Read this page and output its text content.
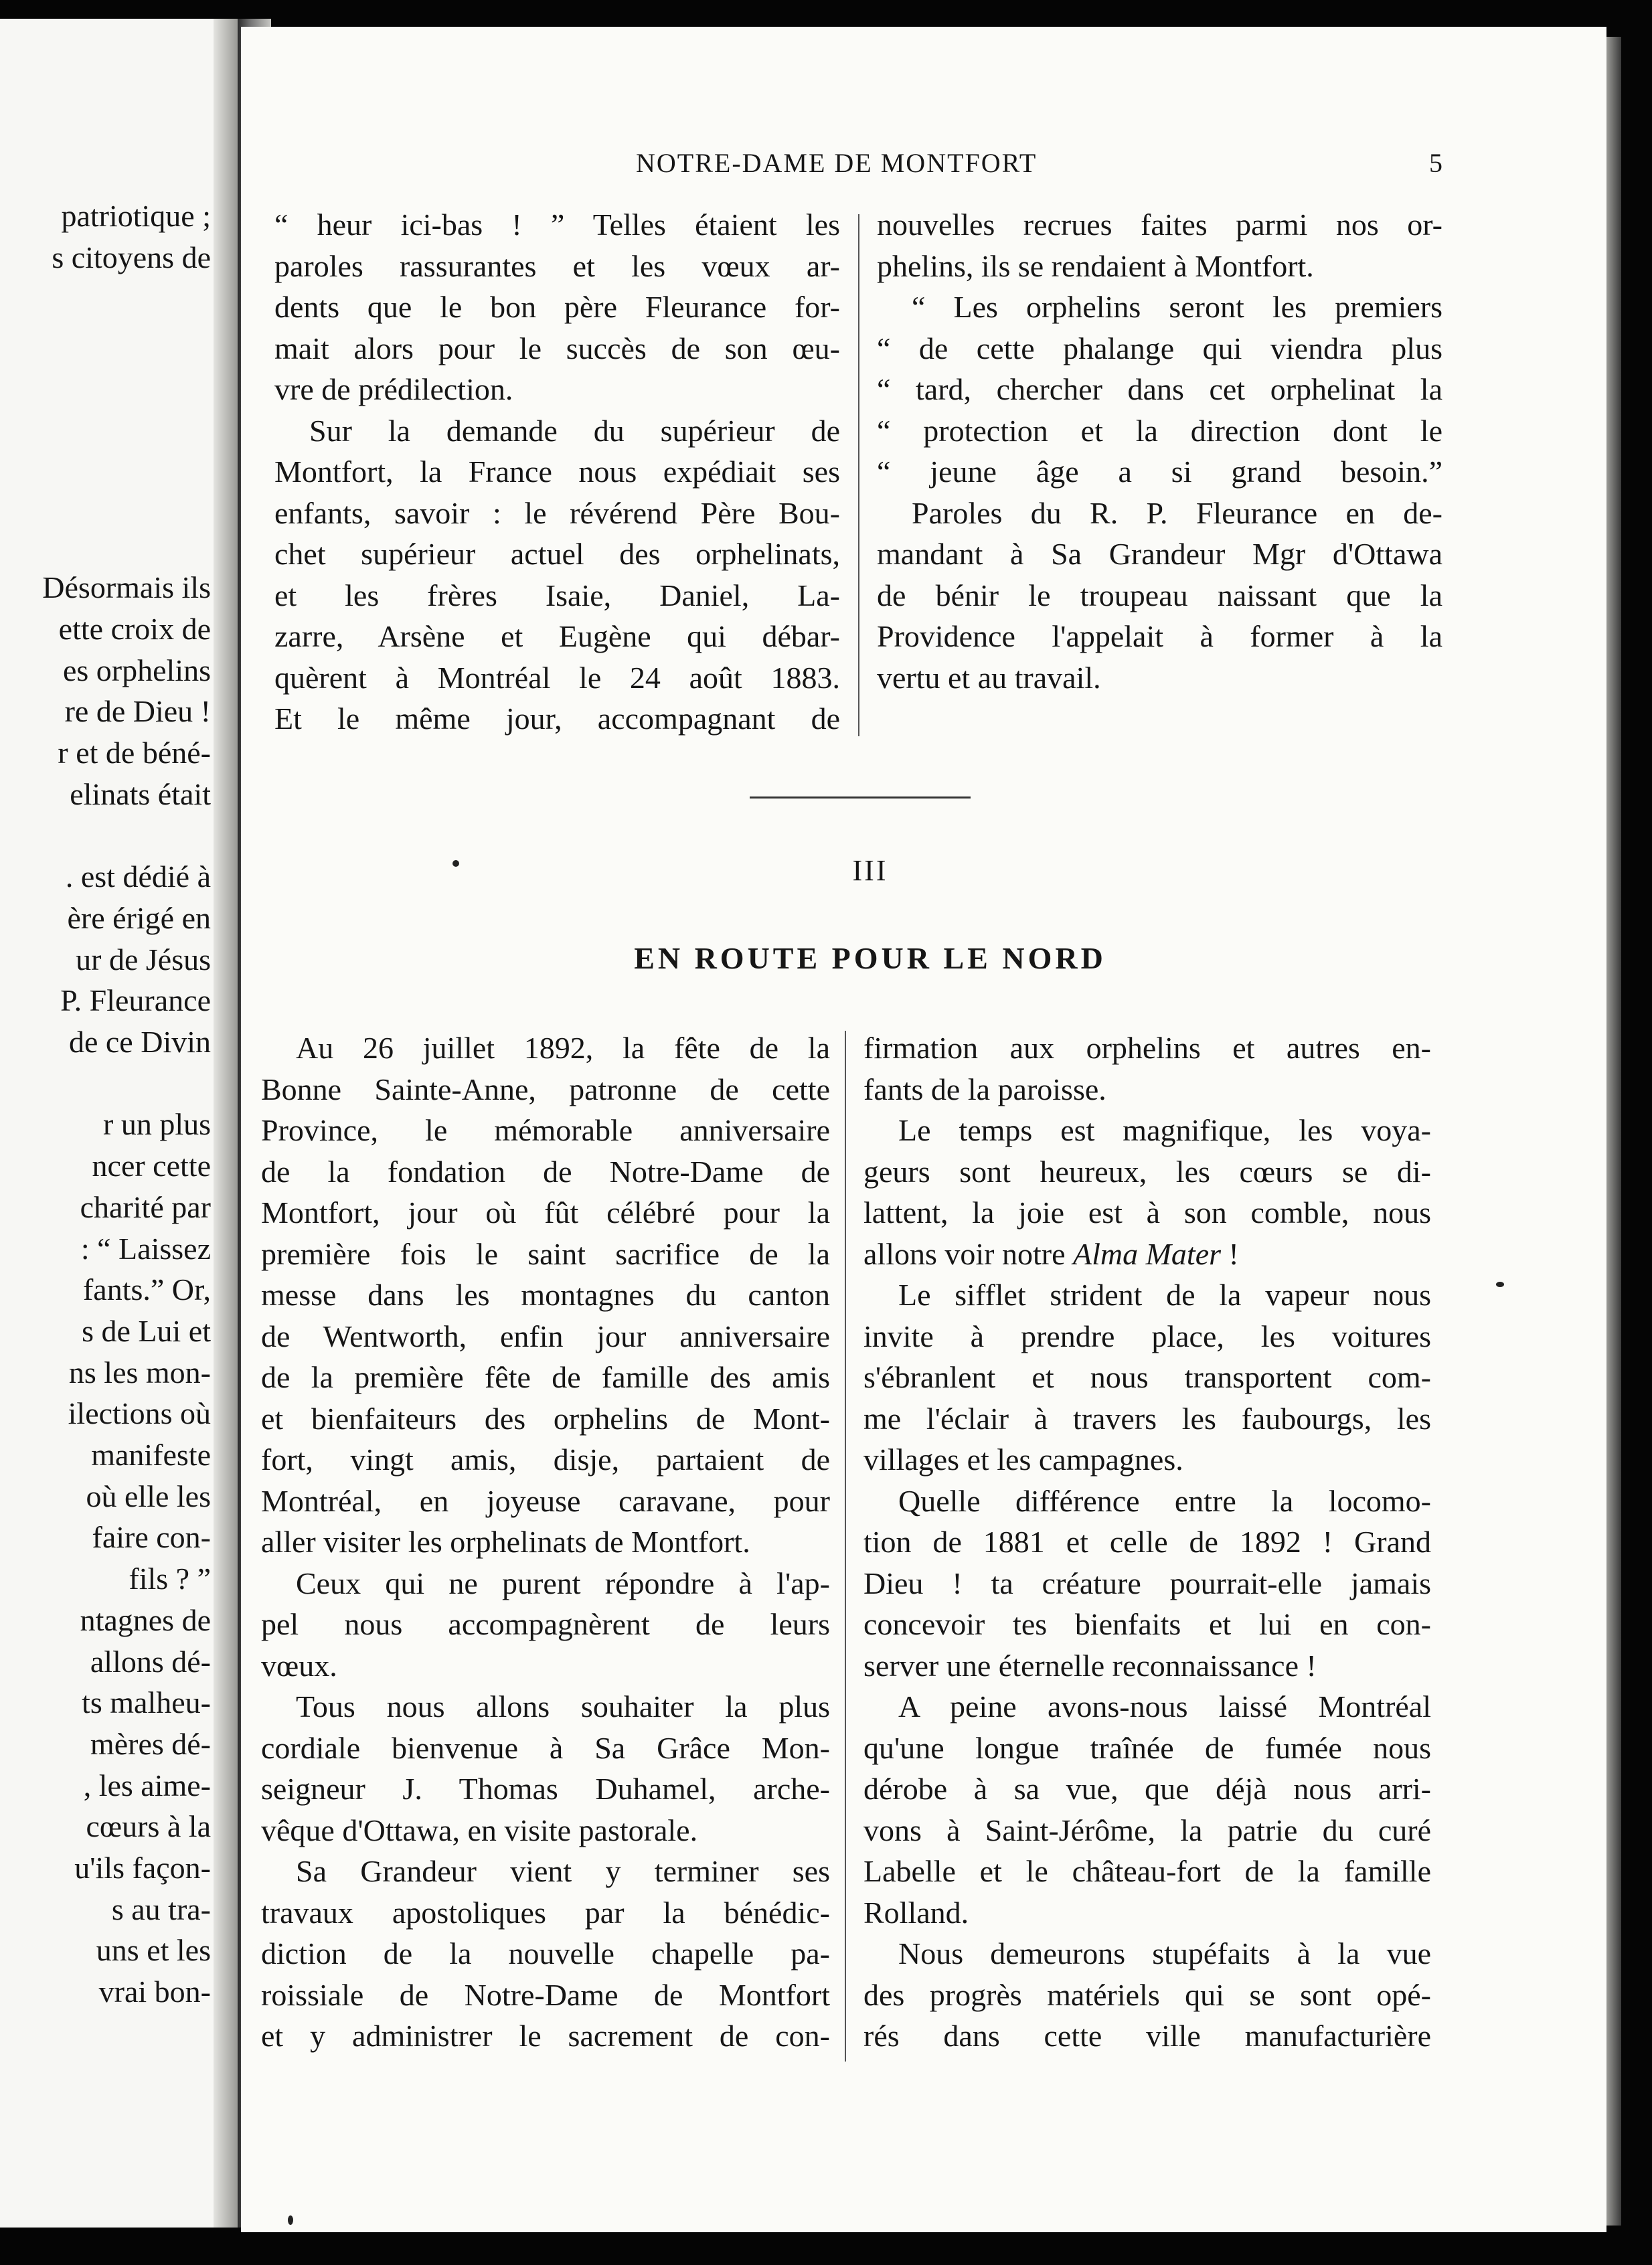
patriotique ;
s citoyens de
Désormais ils
ette croix de
es orphelins
re de Dieu !
r et de béné-
elinats était
. est dédié à
ère érigé en
ur de Jésus
P. Fleurance
de ce Divin
r un plus
ncer cette
charité par
: “ Laissez
fants.” Or,
s de Lui et
ns les mon-
ilections où
manifeste
où elle les
faire con-
fils ? ”
ntagnes de
allons dé-
ts malheu-
mères dé-
, les aime-
cœurs à la
u'ils façon-
s au tra-
uns et les
vrai bon-
NOTRE-DAME DE MONTFORT	5
“ heur ici-bas ! ” Telles étaient les
paroles rassurantes et les vœux ar-
dents que le bon père Fleurance for-
mait alors pour le succès de son œu-
vre de prédilection.
Sur la demande du supérieur de
Montfort, la France nous expédiait ses
enfants, savoir : le révérend Père Bou-
chet supérieur actuel des orphelinats,
et les frères Isaie, Daniel, La-
zarre, Arsène et Eugène qui débar-
quèrent à Montréal le 24 août 1883.
Et le même jour, accompagnant de
nouvelles recrues faites parmi nos or-
phelins, ils se rendaient à Montfort.
“ Les orphelins seront les premiers
“ de cette phalange qui viendra plus
“ tard, chercher dans cet orphelinat la
“ protection et la direction dont le
“ jeune âge a si grand besoin.”
Paroles du R. P. Fleurance en de-
mandant à Sa Grandeur Mgr d'Ottawa
de bénir le troupeau naissant que la
Providence l'appelait à former à la
vertu et au travail.
III
EN ROUTE POUR LE NORD
Au 26 juillet 1892, la fête de la
Bonne Sainte-Anne, patronne de cette
Province, le mémorable anniversaire
de la fondation de Notre-Dame de
Montfort, jour où fût célébré pour la
première fois le saint sacrifice de la
messe dans les montagnes du canton
de Wentworth, enfin jour anniversaire
de la première fête de famille des amis
et bienfaiteurs des orphelins de Mont-
fort, vingt amis, disje, partaient de
Montréal, en joyeuse caravane, pour
aller visiter les orphelinats de Montfort.
Ceux qui ne purent répondre à l'ap-
pel nous accompagnèrent de leurs
vœux.
Tous nous allons souhaiter la plus
cordiale bienvenue à Sa Grâce Mon-
seigneur J. Thomas Duhamel, arche-
vêque d'Ottawa, en visite pastorale.
Sa Grandeur vient y terminer ses
travaux apostoliques par la bénédic-
diction de la nouvelle chapelle pa-
roissiale de Notre-Dame de Montfort
et y administrer le sacrement de con-
firmation aux orphelins et autres en-
fants de la paroisse.
Le temps est magnifique, les voya-
geurs sont heureux, les cœurs se di-
lattent, la joie est à son comble, nous
allons voir notre Alma Mater !
Le sifflet strident de la vapeur nous
invite à prendre place, les voitures
s'ébranlent et nous transportent com-
me l'éclair à travers les faubourgs, les
villages et les campagnes.
Quelle différence entre la locomo-
tion de 1881 et celle de 1892 ! Grand
Dieu ! ta créature pourrait-elle jamais
concevoir tes bienfaits et lui en con-
server une éternelle reconnaissance !
A peine avons-nous laissé Montréal
qu'une longue traînée de fumée nous
dérobe à sa vue, que déjà nous arri-
vons à Saint-Jérôme, la patrie du curé
Labelle et le château-fort de la famille
Rolland.
Nous demeurons stupéfaits à la vue
des progrès matériels qui se sont opé-
rés dans cette ville manufacturière
